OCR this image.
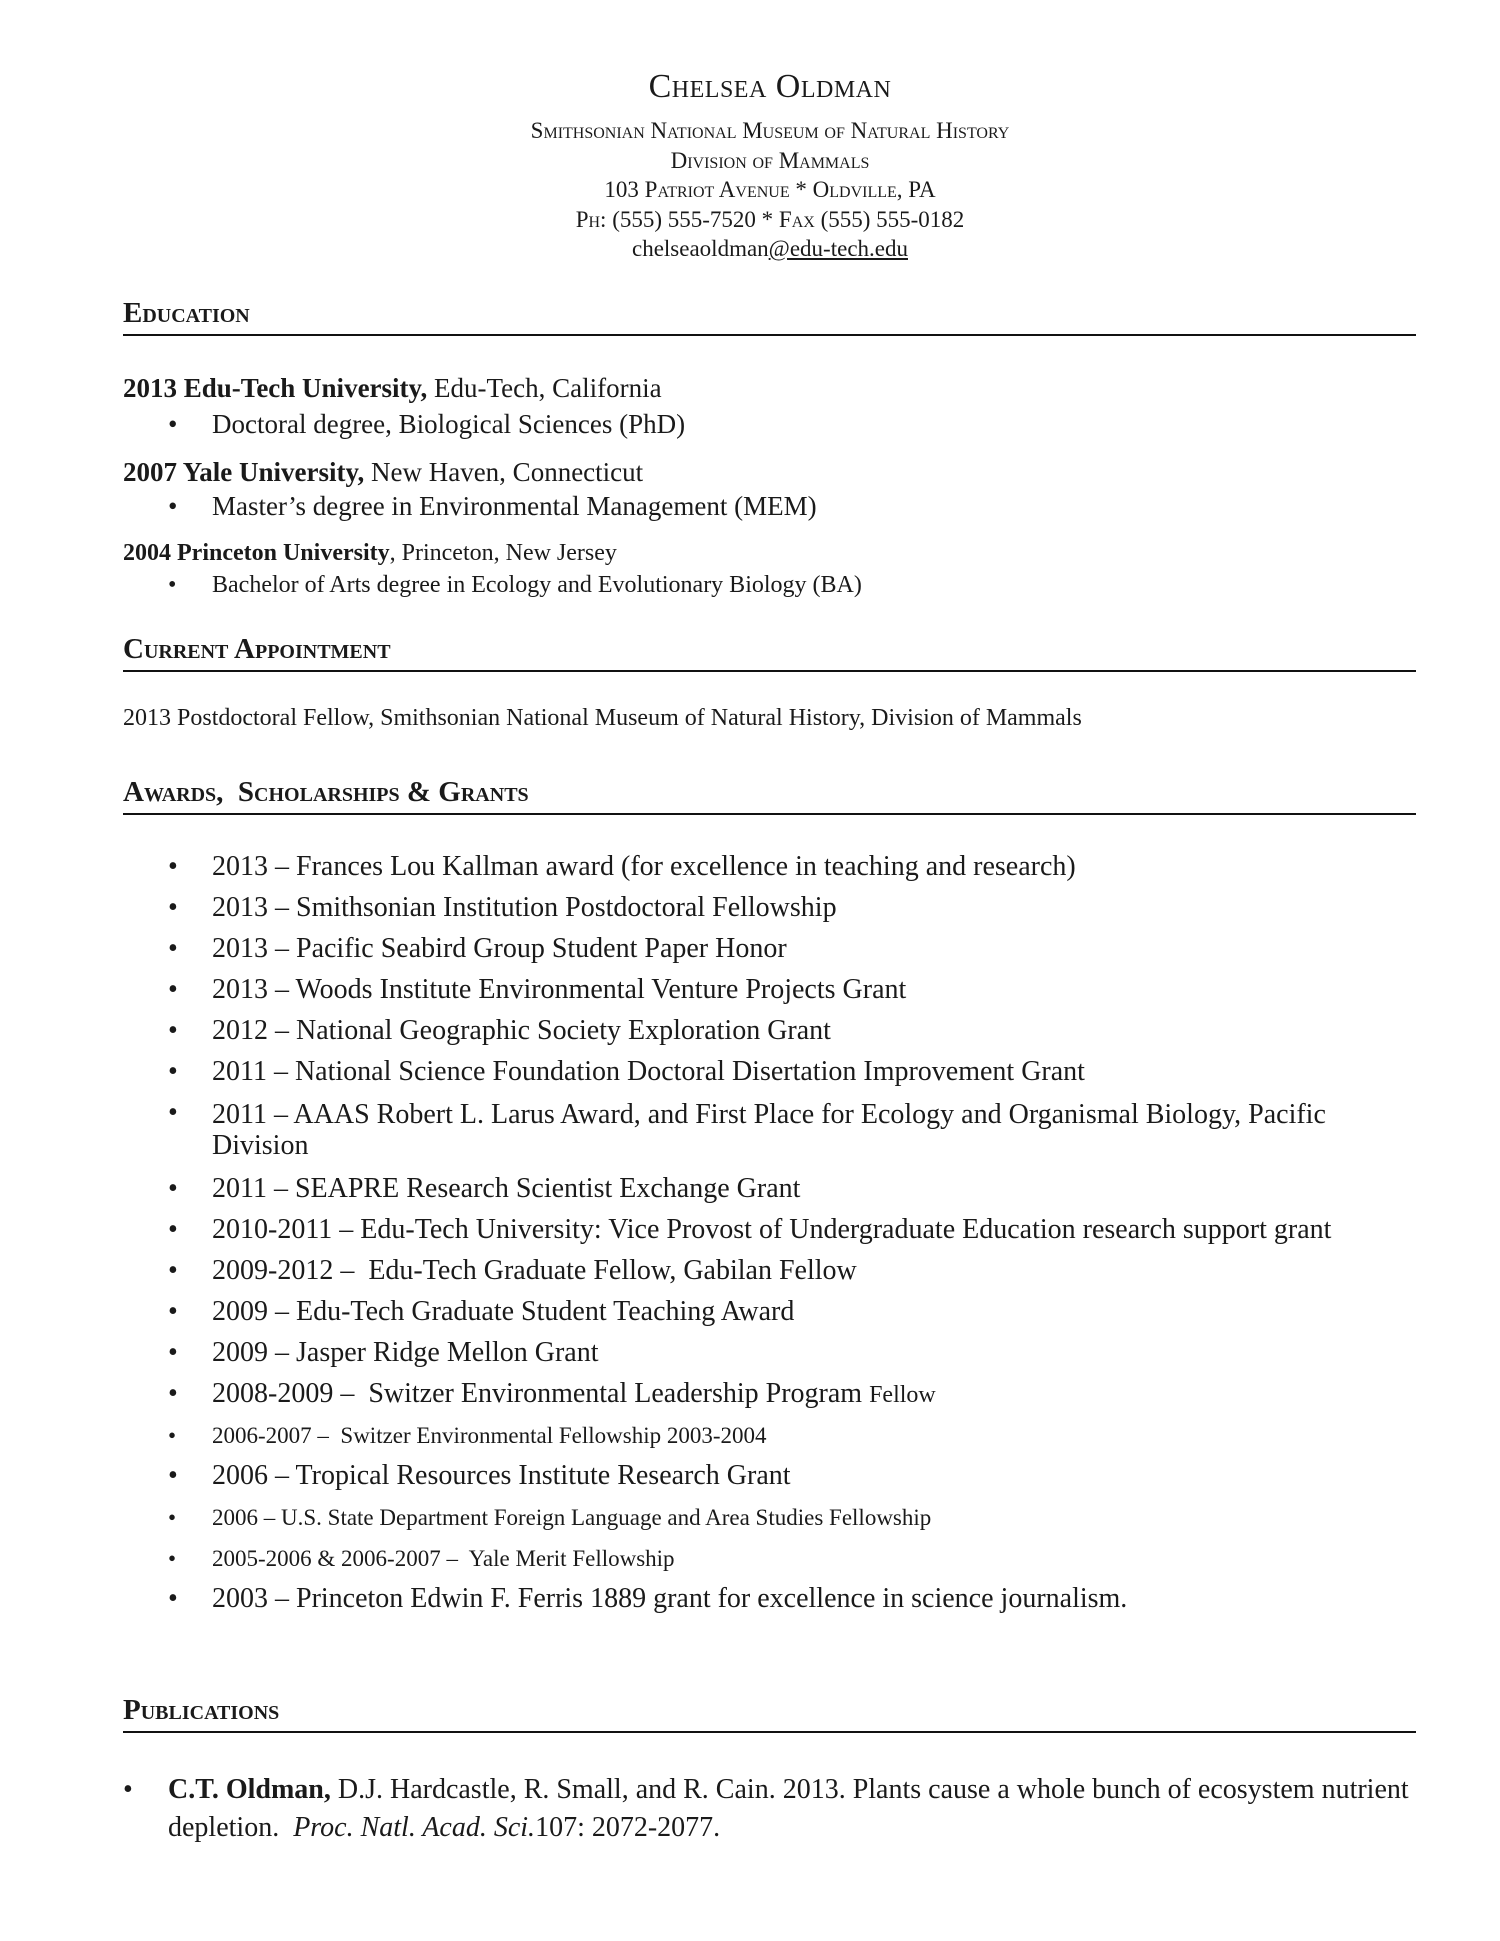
Chelsea Oldman
Smithsonian National Museum of Natural History
Division of Mammals
103 Patriot Avenue * Oldville, PA
Ph: (555) 555-7520 * Fax (555) 555-0182
chelseaoldman@edu-tech.edu
Education
2013 Edu-Tech University, Edu-Tech, California
• Doctoral degree, Biological Sciences (PhD)
2007 Yale University, New Haven, Connecticut
• Master’s degree in Environmental Management (MEM)
2004 Princeton University, Princeton, New Jersey
• Bachelor of Arts degree in Ecology and Evolutionary Biology (BA)
Current Appointment
2013 Postdoctoral Fellow, Smithsonian National Museum of Natural History, Division of Mammals
Awards,  Scholarships & Grants
• 2013 – Frances Lou Kallman award (for excellence in teaching and research)
• 2013 – Smithsonian Institution Postdoctoral Fellowship
• 2013 – Pacific Seabird Group Student Paper Honor
• 2013 – Woods Institute Environmental Venture Projects Grant
• 2012 – National Geographic Society Exploration Grant
• 2011 – National Science Foundation Doctoral Disertation Improvement Grant
• 2011 – AAAS Robert L. Larus Award, and First Place for Ecology and Organismal Biology, Pacific Division
• 2011 – SEAPRE Research Scientist Exchange Grant
• 2010-2011 – Edu-Tech University: Vice Provost of Undergraduate Education research support grant
• 2009-2012 –  Edu-Tech Graduate Fellow, Gabilan Fellow
• 2009 – Edu-Tech Graduate Student Teaching Award
• 2009 – Jasper Ridge Mellon Grant
• 2008-2009 –  Switzer Environmental Leadership Program Fellow
• 2006-2007 –  Switzer Environmental Fellowship 2003-2004
• 2006 – Tropical Resources Institute Research Grant
• 2006 – U.S. State Department Foreign Language and Area Studies Fellowship
• 2005-2006 & 2006-2007 –  Yale Merit Fellowship
• 2003 – Princeton Edwin F. Ferris 1889 grant for excellence in science journalism.
Publications
• C.T. Oldman, D.J. Hardcastle, R. Small, and R. Cain. 2013. Plants cause a whole bunch of ecosystem nutrient depletion.  Proc. Natl. Acad. Sci.107: 2072-2077.
